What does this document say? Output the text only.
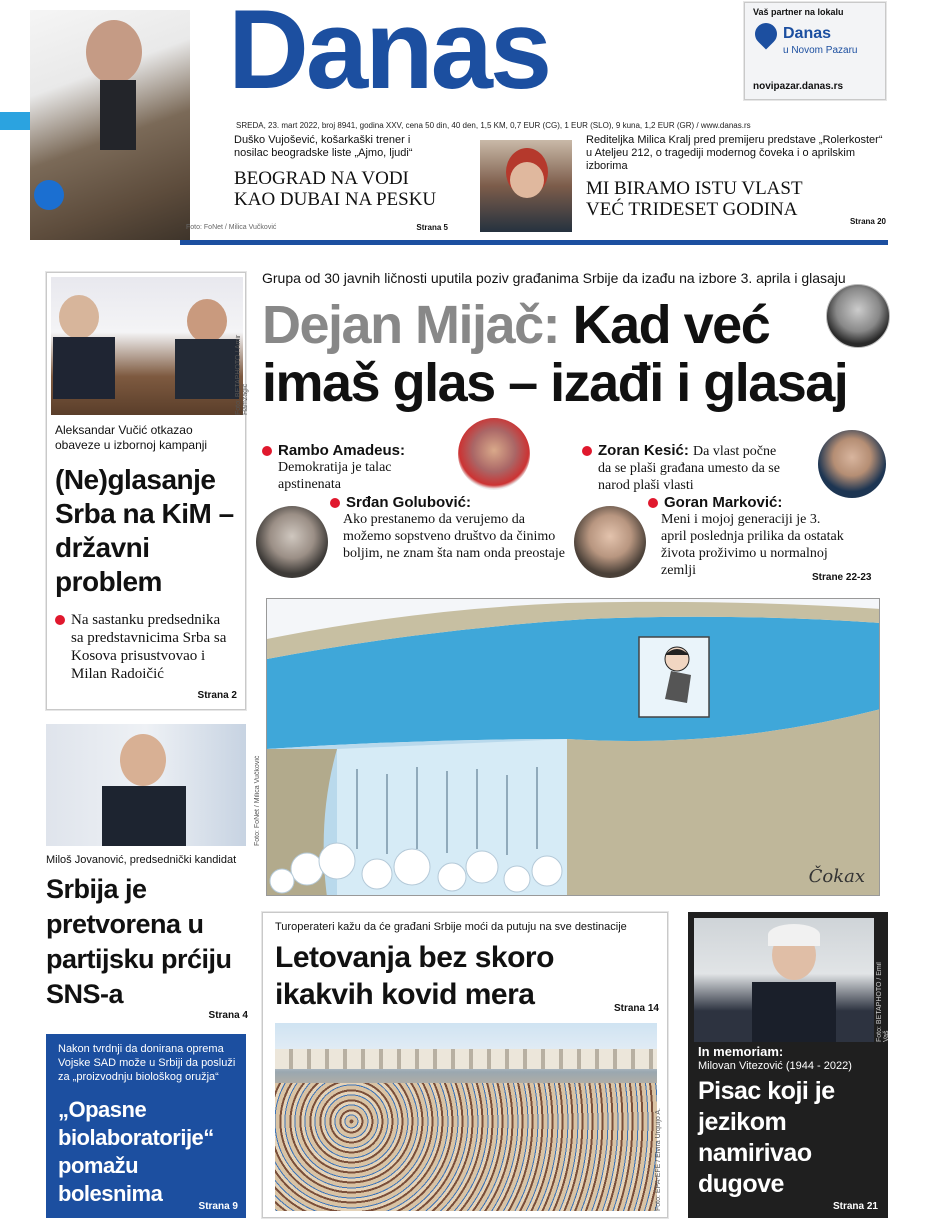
Danas	Vaš partner na lokalu
Danas
u Novom Pazaru
novipazar.danas.rs
SREDA, 23. mart 2022, broj 8941, godina XXV, cena 50 din, 40 den, 1,5 KM, 0,7 EUR (CG), 1 EUR (SLO), 9 kuna, 1,2 EUR (GR) / www.danas.rs
Foto: FoNet / Milica Vučković
Duško Vujošević, košarkaški trener i nosilac beogradske liste „Ajmo, ljudi“
BEOGRAD NA VODI
KAO DUBAI NA PESKU
Strana 5
Rediteljka Milica Kralj pred premijeru predstave „Rolerkoster“ u Atelјeu 212, o tragediji modernog čoveka i o aprilskim izborima
MI BIRAMO ISTU VLAST
VEĆ TRIDESET GODINA
Strana 20
Grupa od 30 javnih ličnosti uputila poziv građanima Srbije da izađu na izbore 3. aprila i glasaju
Dejan Mijač: Kad već
imaš glas – izađi i glasaj
Rambo Amadeus:
Demokratija je talac apstinenata
Zoran Kesić: Da vlast počne
da se plaši građana umesto da se narod plaši vlasti
Srđan Golubović:
Ako prestanemo da verujemo da možemo sopstveno društvo da činimo boljim, ne znam šta nam onda preostaje
Goran Marković:
Meni i mojoj generaciji je 3. april poslednja prilika da ostatak života proživimo u normalnoj zemlji	Strane 22-23
Čokax
Foto: BETAPHOTO / Amir Hamzagić
Aleksandar Vučić otkazao obaveze u izbornoj kampanji
(Ne)glasanje Srba na KiM – državni problem
Na sastanku predsednika sa predstavnicima Srba sa Kosova prisustvovao i Milan Radoičić
Strana 2
Foto: FoNet / Milica Vučković
Miloš Jovanović, predsednički kandidat
Srbija je pretvorena u partijsku prćiju SNS-a
Strana 4
Nakon tvrdnji da donirana oprema Vojske SAD može u Srbiji da posluži za „proizvodnju biološkog oružja“
„Opasne biolaboratorije“ pomažu bolesnima
Strana 9
Turoperateri kažu da će građani Srbije moći da putuju na sve destinacije
Letovanja bez skoro ikakvih kovid mera	Strana 14
Foto: EPA-EFE / Elvira Urquijo A.
Foto: BETAPHOTO / Emil Vaš
In memoriam:
Milovan Vitezović (1944 - 2022)
Pisac koji je jezikom namirivao dugove
Strana 21
